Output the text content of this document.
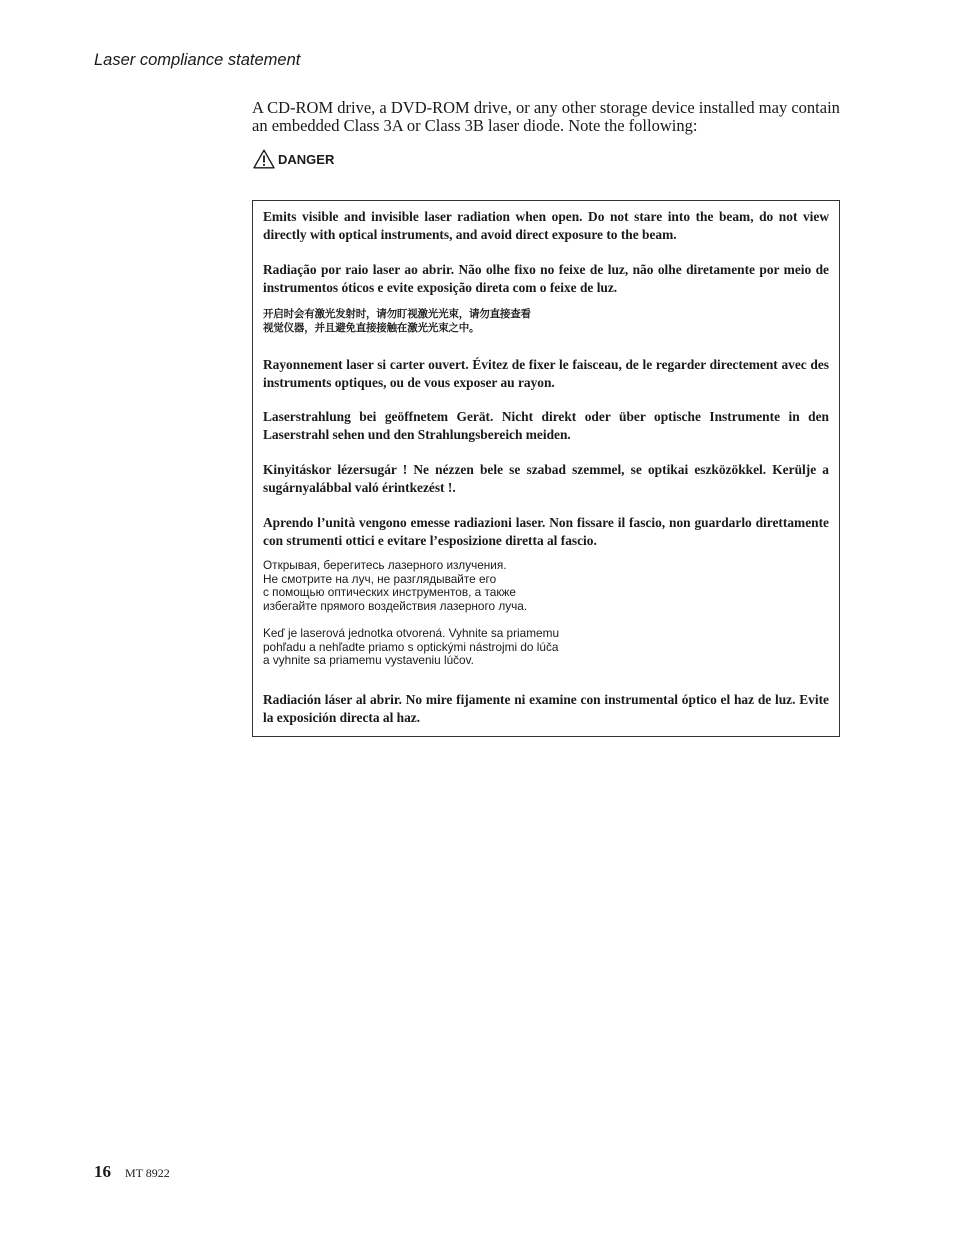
Laser compliance statement

A CD-ROM drive, a DVD-ROM drive, or any other storage device installed may contain an embedded Class 3A or Class 3B laser diode. Note the following:

DANGER

Emits visible and invisible laser radiation when open. Do not stare into the beam, do not view directly with optical instruments, and avoid direct exposure to the beam.

Radiação por raio laser ao abrir. Não olhe fixo no feixe de luz, não olhe diretamente por meio de instrumentos óticos e evite exposição direta com o feixe de luz.

开启时会有激光发射时，请勿盯视激光光束，请勿直接查看
视觉仪器，并且避免直接接触在激光光束之中。

Rayonnement laser si carter ouvert. Évitez de fixer le faisceau, de le regarder directement avec des instruments optiques, ou de vous exposer au rayon.

Laserstrahlung bei geöffnetem Gerät. Nicht direkt oder über optische Instrumente in den Laserstrahl sehen und den Strahlungsbereich meiden.

Kinyitáskor lézersugár ! Ne nézzen bele se szabad szemmel, se optikai eszközökkel. Kerülje a sugárnyalábbal való érintkezést !.

Aprendo l’unità vengono emesse radiazioni laser. Non fissare il fascio, non guardarlo direttamente con strumenti ottici e evitare l’esposizione diretta al fascio.

Открывая, берегитесь лазерного излучения.
Не смотрите на луч, не разглядывайте его
с помощью оптических инструментов, а также
избегайте прямого воздействия лазерного луча.
Keď je laserová jednotka otvorená. Vyhnite sa priamemu
pohľadu a nehľadte priamo s optickými nástrojmi do lúča
a vyhnite sa priamemu vystaveniu lúčov.

Radiación láser al abrir. No mire fijamente ni examine con instrumental óptico el haz de luz. Evite la exposición directa al haz.

16 MT 8922
